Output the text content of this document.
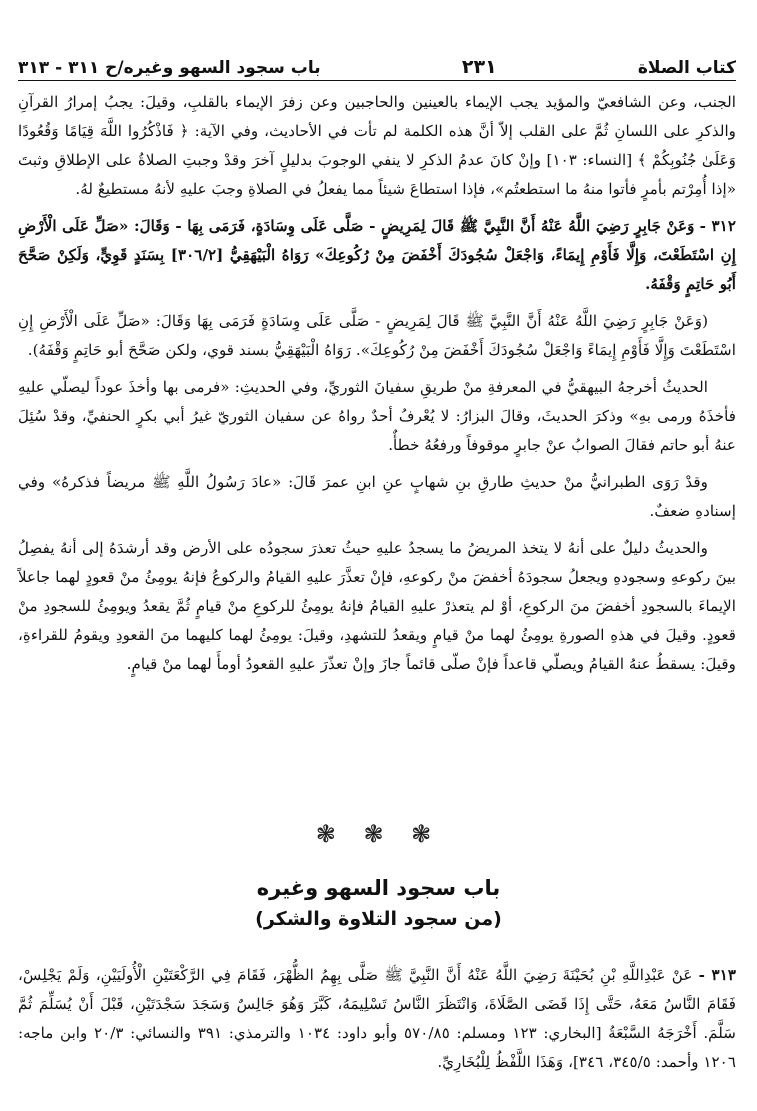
كتاب الصلاة
٢٣١
باب سجود السهو وغيره/ح ٣١١ - ٣١٣

الجنب، وعن الشافعيّ والمؤيد يجب الإيماء بالعينين والحاجبين وعن زفرَ الإيماء بالقلبِ، وقيلَ: يجبُ إمرارُ القرآنِ والذكرِ على اللسانِ ثُمَّ على القلب إلاّ أنَّ هذه الكلمة لم تأت في الأحاديث، وفي الآية: ﴿ فَاذْكُرُوا اللَّهَ قِيَامًا وَقُعُودًا وَعَلَىٰ جُنُوبِكُمْ ﴾ [النساء: ١٠٣] وإنْ كانَ عدمُ الذكرِ لا ينفي الوجوبَ بدليلٍ آخرَ وقدْ وجبتِ الصلاةُ على الإطلاقِ وثبتَ «إذا أُمِرْتم بأمرٍ فأتوا منهُ ما استطعتُم»، فإذا استطاعَ شيئاً مما يفعلُ في الصلاةِ وجبَ عليهِ لأنهُ مستطيعٌ لهُ.

٣١٢ - وَعَنْ جَابِرٍ رَضِيَ اللَّهُ عَنْهُ أَنَّ النَّبِيَّ ﷺ قَالَ لِمَرِيضٍ - صَلَّى عَلَى وِسَادَةٍ، فَرَمَى بِهَا - وَقَالَ: «صَلِّ عَلَى الْأَرْضِ إِنِ اسْتَطَعْتَ، وَإِلَّا فَأَوْمِ إِيمَاءً، وَاجْعَلْ سُجُودَكَ أَخْفَضَ مِنْ رُكُوعِكَ» رَوَاهُ الْبَيْهَقِيُّ [٣٠٦/٢] بِسَنَدٍ قَوِيٍّ، وَلَكِنْ صَحَّحَ أَبُو حَاتِمٍ وَقْفَهُ.

(وَعَنْ جَابِرٍ رَضِيَ اللَّهُ عَنْهُ أَنَّ النَّبِيَّ ﷺ قَالَ لِمَرِيضٍ - صَلَّى عَلَى وِسَادَةٍ فَرَمَى بِهَا وَقَالَ: «صَلِّ عَلَى الْأَرْضِ إِنِ اسْتَطَعْتَ وَإِلَّا فَأَوْمِ إِيمَاءً وَاجْعَلْ سُجُودَكَ أَخْفَضَ مِنْ رُكُوعِكَ». رَوَاهُ الْبَيْهَقِيُّ بسند قوي، ولكن صَحَّحَ أبو حَاتِمٍ وَقْفَهُ).

الحديثُ أخرجهُ البيهقيُّ في المعرفةِ منْ طريقِ سفيانَ الثوريِّ، وفي الحديثِ: «فرمى بها وأخذَ عوداً ليصلّي عليهِ فأخذَهُ ورمى بهِ» وذكرَ الحديثَ، وقالَ البزارُ: لا يُعْرفُ أحدٌ رواهُ عن سفيان الثوريّ غيرُ أبي بكرٍ الحنفيِّ، وقدْ سُئِلَ عنهُ أبو حاتم فقالَ الصوابُ عنْ جابرٍ موقوفاً ورفعُهُ خطأٌ.

وقدْ رَوَى الطبرانيُّ منْ حديثِ طارقِ بنِ شهابٍ عنِ ابنِ عمرَ قَالَ: «عادَ رَسُولُ اللَّهِ ﷺ مريضاً فذكرهُ» وفي إسنادهِ ضعفٌ.

والحديثُ دليلٌ على أنهُ لا يتخذ المريضُ ما يسجدُ عليهِ حيثُ تعذرَ سجودُه على الأرض وقد أرشدَهُ إلى أنهُ يفصِلُ بينَ ركوعهِ وسجودهِ ويجعلُ سجودَهُ أخفضَ منْ ركوعهِ، فإنْ تعذَّرَ عليهِ القيامُ والركوعُ فإنهُ يومِئُ منْ قعودٍ لهما جاعلاً الإيماءَ بالسجودِ أخفضَ منَ الركوعِ، أوْ لم يتعذرْ عليهِ القيامُ فإنهُ يومِئُ للركوعِ منْ قيامٍ ثُمَّ يقعدُ ويومِئُ للسجودِ منْ قعودٍ. وقيلَ في هذهِ الصورةِ يومِئُ لهما منْ قيامٍ ويقعدُ للتشهدِ، وقيلَ: يومِئُ لهما كليهما منَ القعودِ ويقومُ للقراءةِ، وقيلَ: يسقطُ عنهُ القيامُ ويصلّي قاعداً فإنْ صلّى قائماً جازَ وإنْ تعذّرَ عليهِ القعودُ أومأَ لهما منْ قيامٍ.

❃ ❃ ❃
باب سجود السهو وغيره
(من سجود التلاوة والشكر)

٣١٣ - عَنْ عَبْدِاللَّهِ بْنِ بُحَيْنَةَ رَضِيَ اللَّهُ عَنْهُ أَنَّ النَّبِيَّ ﷺ صَلَّى بِهِمُ الظُّهْرَ، فَقَامَ فِي الرَّكْعَتَيْنِ الْأُولَيَيْنِ، وَلَمْ يَجْلِسْ، فَقَامَ النَّاسُ مَعَهُ، حَتَّى إِذَا قَضَى الصَّلَاةَ، وَانْتَظَرَ النَّاسُ تَسْلِيمَهُ، كَبَّرَ وَهُوَ جَالِسٌ وَسَجَدَ سَجْدَتَيْنِ، قَبْلَ أَنْ يُسَلِّمَ ثُمَّ سَلَّمَ. أَخْرَجَهُ السَّبْعَةُ [البخاري: ١٢٣ ومسلم: ٥٧٠/٨٥ وأبو داود: ١٠٣٤ والترمذي: ٣٩١ والنسائي: ٢٠/٣ وابن ماجه: ١٢٠٦ وأحمد: ٣٤٥/٥، ٣٤٦]، وَهَذَا اللَّفْظُ لِلْبُخَارِيِّ.
